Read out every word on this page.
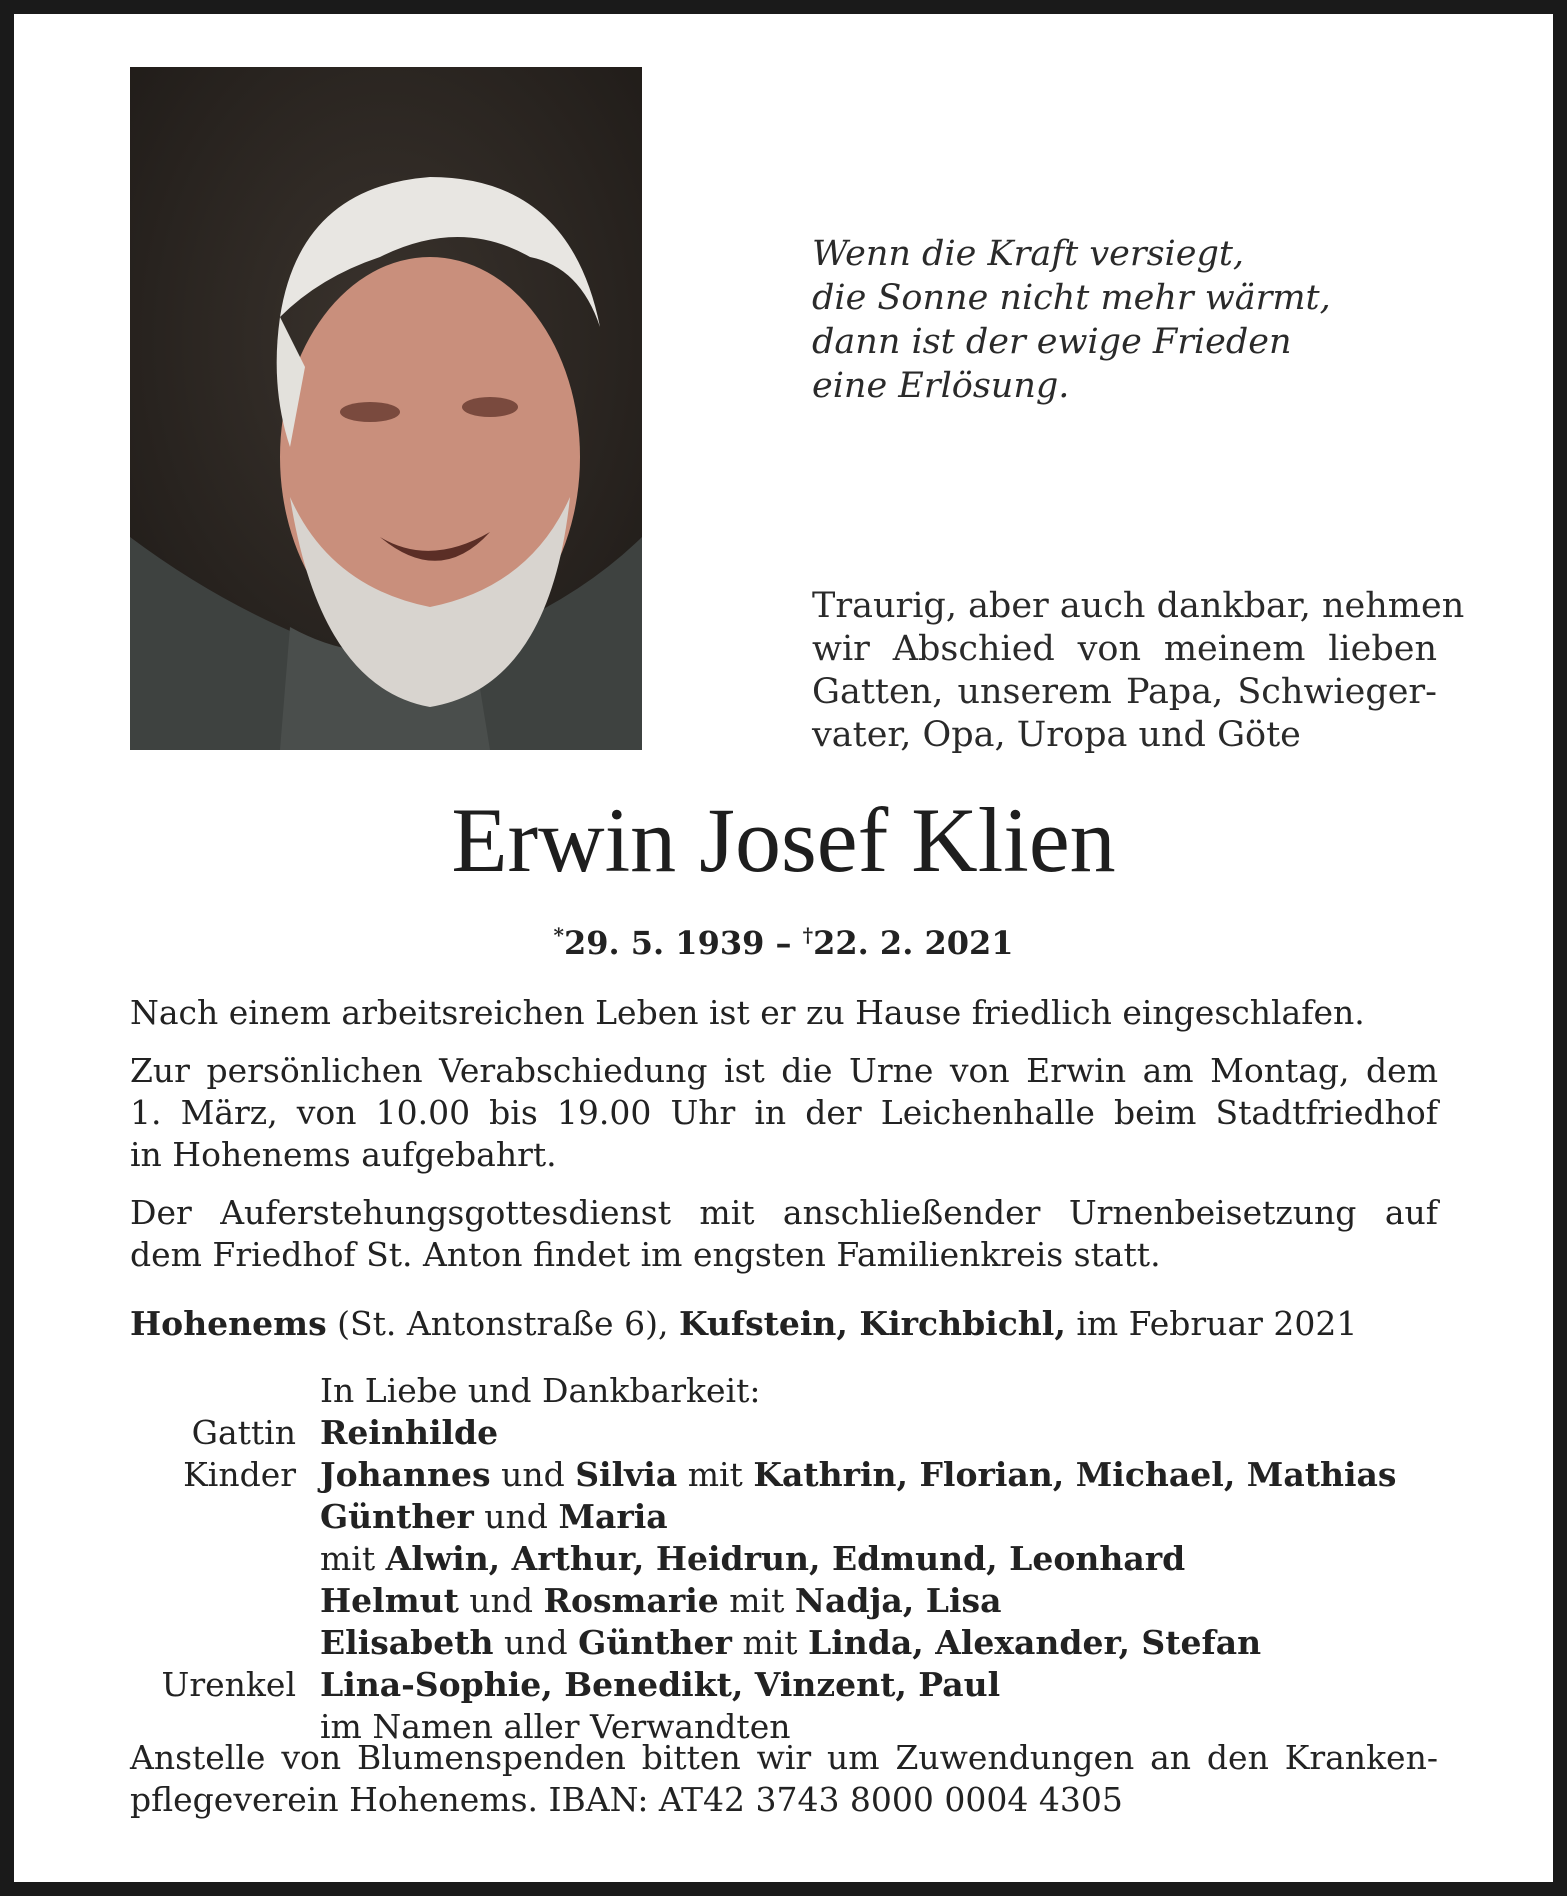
Wenn die Kraft versiegt,
die Sonne nicht mehr wärmt,
dann ist der ewige Frieden
eine Erlösung.
Traurig, aber auch dankbar, nehmen
wir Abschied von meinem lieben
Gatten, unserem Papa, Schwieger-
vater, Opa, Uropa und Göte
Erwin Josef Klien
*29. 5. 1939 – †22. 2. 2021
Nach einem arbeitsreichen Leben ist er zu Hause friedlich eingeschlafen.
Zur persönlichen Verabschiedung ist die Urne von Erwin am Montag, dem
1. März, von 10.00 bis 19.00 Uhr in der Leichenhalle beim Stadtfriedhof
in Hohenems aufgebahrt.
Der Auferstehungsgottesdienst mit anschließender Urnenbeisetzung auf
dem Friedhof St. Anton findet im engsten Familienkreis statt.
Hohenems (St. Antonstraße 6), Kufstein, Kirchbichl, im Februar 2021
In Liebe und Dankbarkeit:
Gattin Reinhilde
Kinder Johannes und Silvia mit Kathrin, Florian, Michael, Mathias
Günther und Maria
mit Alwin, Arthur, Heidrun, Edmund, Leonhard
Helmut und Rosmarie mit Nadja, Lisa
Elisabeth und Günther mit Linda, Alexander, Stefan
Urenkel Lina-Sophie, Benedikt, Vinzent, Paul
im Namen aller Verwandten
Anstelle von Blumenspenden bitten wir um Zuwendungen an den Kranken-
pflegeverein Hohenems. IBAN: AT42 3743 8000 0004 4305
